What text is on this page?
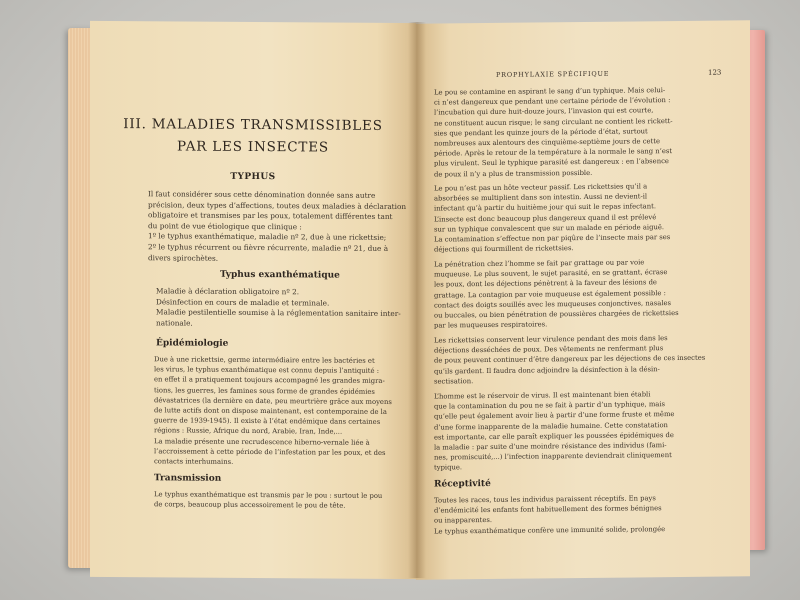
III. MALADIES TRANSMISSIBLES
PAR LES INSECTES
TYPHUS
Il faut considérer sous cette dénomination donnée sans autre
précision, deux types d’affections, toutes deux maladies à déclaration
obligatoire et transmises par les poux, totalement différentes tant
du point de vue étiologique que clinique :
1º le typhus exanthématique, maladie nº 2, due à une rickettsie;
2º le typhus récurrent ou fièvre récurrente, maladie nº 21, due à
divers spirochètes.
Typhus exanthématique
Maladie à déclaration obligatoire nº 2.
Désinfection en cours de maladie et terminale.
Maladie pestilentielle soumise à la réglementation sanitaire inter-
nationale.
Épidémiologie
Due à une rickettsie, germe intermédiaire entre les bactéries et
les virus, le typhus exanthématique est connu depuis l’antiquité :
en effet il a pratiquement toujours accompagné les grandes migra-
tions, les guerres, les famines sous forme de grandes épidémies
dévastatrices (la dernière en date, peu meurtrière grâce aux moyens
de lutte actifs dont on dispose maintenant, est contemporaine de la
guerre de 1939-1945). Il existe à l’état endémique dans certaines
régions : Russie, Afrique du nord, Arabie, Iran, Inde,...
La maladie présente une recrudescence hiberno-vernale liée à
l’accroissement à cette période de l’infestation par les poux, et des
contacts interhumains.
Transmission
Le typhus exanthématique est transmis par le pou : surtout le pou
de corps, beaucoup plus accessoirement le pou de tête.
PROPHYLAXIE SPÉCIFIQUE	123
Le pou se contamine en aspirant le sang d’un typhique. Mais celui-
ci n’est dangereux que pendant une certaine période de l’évolution :
l’incubation qui dure huit-douze jours, l’invasion qui est courte,
ne constituent aucun risque; le sang circulant ne contient les rickett-
sies que pendant les quinze jours de la période d’état, surtout
nombreuses aux alentours des cinquième-septième jours de cette
période. Après le retour de la température à la normale le sang n’est
plus virulent. Seul le typhique parasité est dangereux : en l’absence
de poux il n’y a plus de transmission possible.
Le pou n’est pas un hôte vecteur passif. Les rickettsies qu’il a
absorbées se multiplient dans son intestin. Aussi ne devient-il
infectant qu’à partir du huitième jour qui suit le repas infectant.
L’insecte est donc beaucoup plus dangereux quand il est prélevé
sur un typhique convalescent que sur un malade en période aiguë.
La contamination s’effectue non par piqûre de l’insecte mais par ses
déjections qui fourmillent de rickettsies.
La pénétration chez l’homme se fait par grattage ou par voie
muqueuse. Le plus souvent, le sujet parasité, en se grattant, écrase
les poux, dont les déjections pénètrent à la faveur des lésions de
grattage. La contagion par voie muqueuse est également possible :
contact des doigts souillés avec les muqueuses conjonctives, nasales
ou buccales, ou bien pénétration de poussières chargées de rickettsies
par les muqueuses respiratoires.
Les rickettsies conservent leur virulence pendant des mois dans les
déjections desséchées de poux. Des vêtements ne renfermant plus
de poux peuvent continuer d’être dangereux par les déjections de ces insectes
qu’ils gardent. Il faudra donc adjoindre la désinfection à la désin-
sectisation.
L’homme est le réservoir de virus. Il est maintenant bien établi
que la contamination du pou ne se fait à partir d’un typhique, mais
qu’elle peut également avoir lieu à partir d’une forme fruste et même
d’une forme inapparente de la maladie humaine. Cette constatation
est importante, car elle paraît expliquer les poussées épidémiques de
la maladie : par suite d’une moindre résistance des individus (fami-
nes, promiscuité,...) l’infection inapparente deviendrait cliniquement
typique.
Réceptivité
Toutes les races, tous les individus paraissent réceptifs. En pays
d’endémicité les enfants font habituellement des formes bénignes
ou inapparentes.
Le typhus exanthématique confère une immunité solide, prolongée
